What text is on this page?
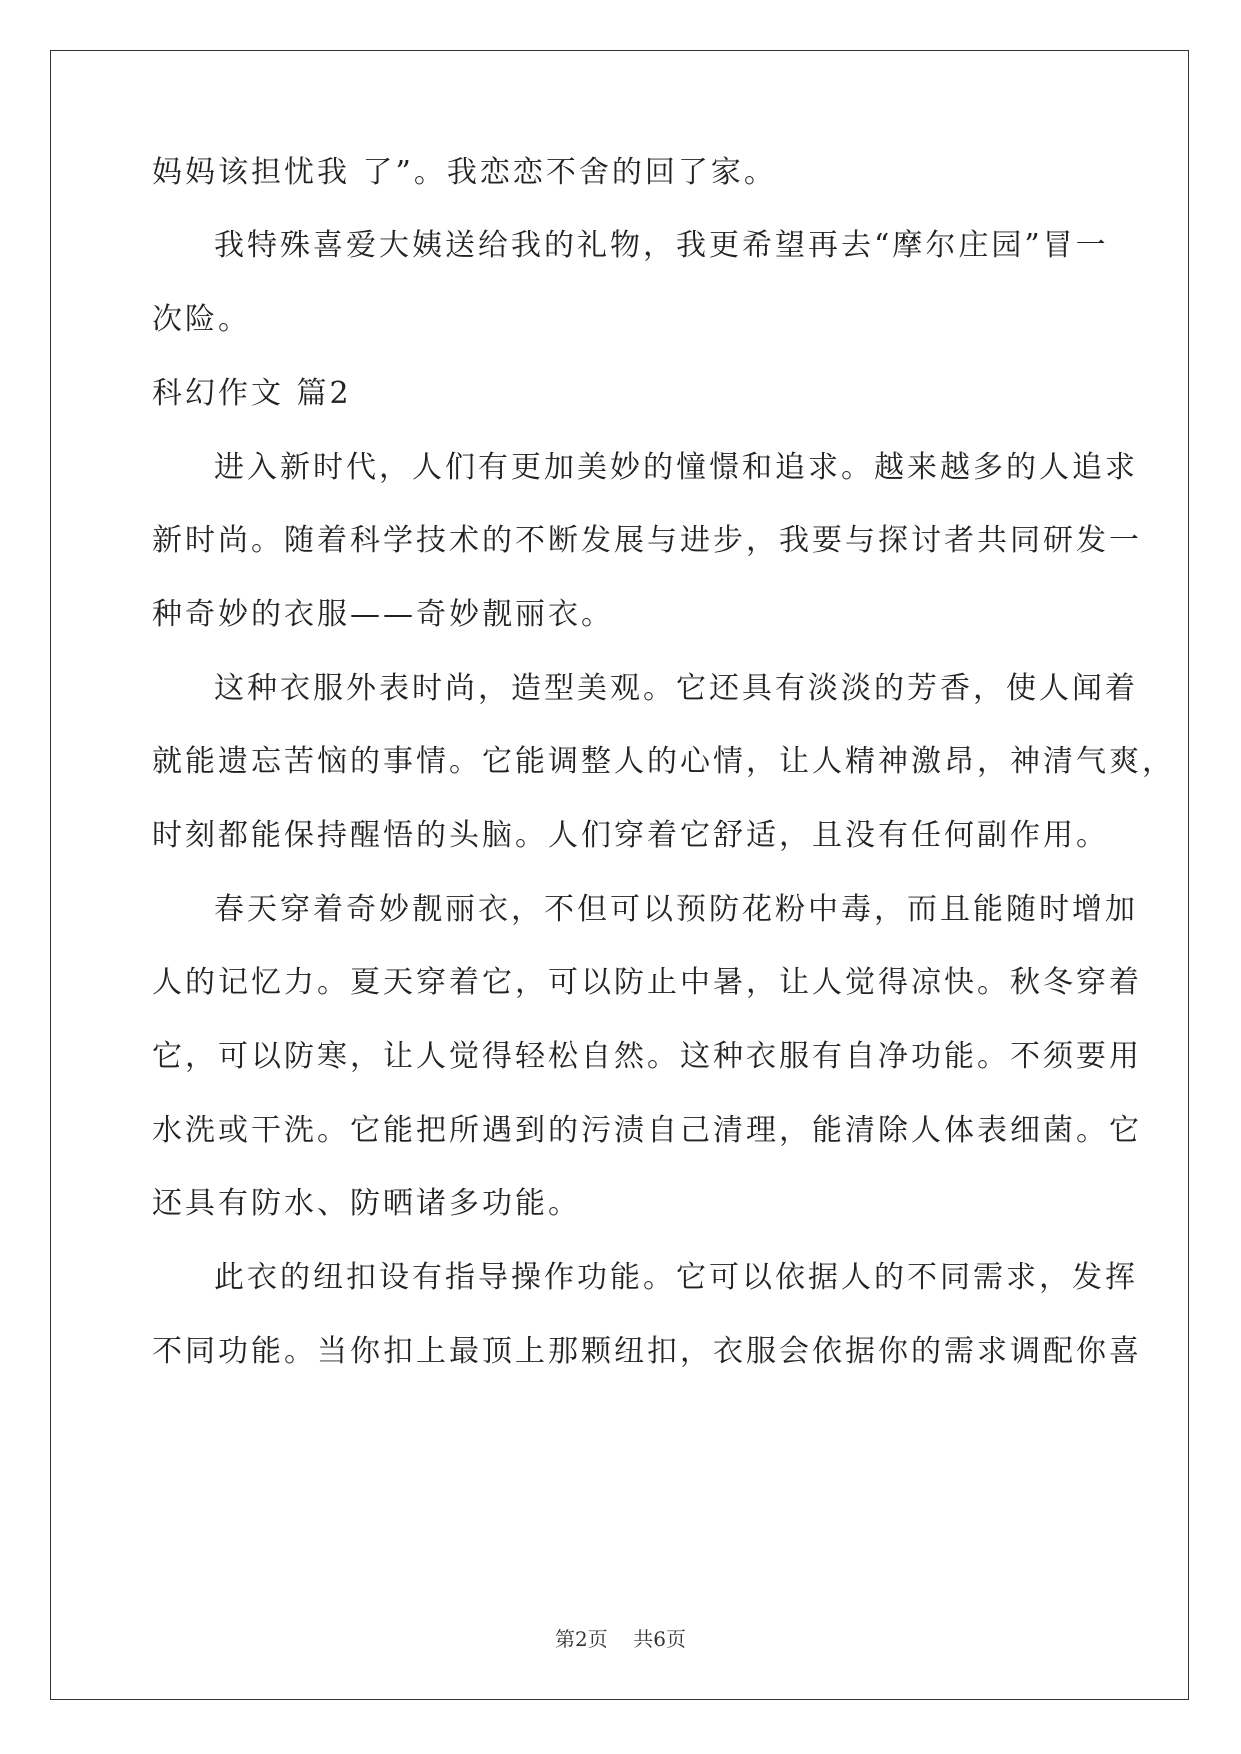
妈妈该担忧我 了”。我恋恋不舍的回了家。
我特殊喜爱大姨送给我的礼物，我更希望再去“摩尔庄园”冒一
次险。
科幻作文 篇2
进入新时代，人们有更加美妙的憧憬和追求。越来越多的人追求
新时尚。随着科学技术的不断发展与进步，我要与探讨者共同研发一
种奇妙的衣服——奇妙靓丽衣。
这种衣服外表时尚，造型美观。它还具有淡淡的芳香，使人闻着
就能遗忘苦恼的事情。它能调整人的心情，让人精神激昂，神清气爽，
时刻都能保持醒悟的头脑。人们穿着它舒适，且没有任何副作用。
春天穿着奇妙靓丽衣，不但可以预防花粉中毒，而且能随时增加
人的记忆力。夏天穿着它，可以防止中暑，让人觉得凉快。秋冬穿着
它，可以防寒，让人觉得轻松自然。这种衣服有自净功能。不须要用
水洗或干洗。它能把所遇到的污渍自己清理，能清除人体表细菌。它
还具有防水、防晒诸多功能。
此衣的纽扣设有指导操作功能。它可以依据人的不同需求，发挥
不同功能。当你扣上最顶上那颗纽扣，衣服会依据你的需求调配你喜
第2页 共6页
